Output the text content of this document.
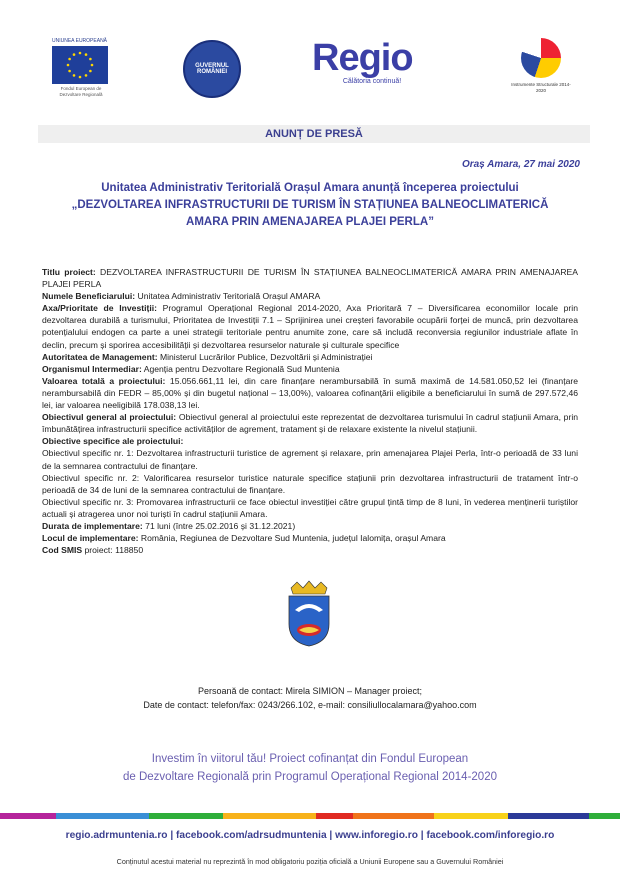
UNIUNEA EUROPEANĂ
Fondul European de Dezvoltare Regională
GUVERNUL ROMÂNIEI	Regio
Călătoria continuă!	Instrumente Structurale 2014-2020
ANUNȚ DE PRESĂ
Oraș Amara, 27 mai 2020
Unitatea Administrativ Teritorială Orașul Amara anunță începerea proiectului
„DEZVOLTAREA INFRASTRUCTURII DE TURISM ÎN STAȚIUNEA BALNEOCLIMATERICĂ
AMARA PRIN AMENAJAREA PLAJEI PERLA”
Titlu proiect: DEZVOLTAREA INFRASTRUCTURII DE TURISM ÎN STAȚIUNEA BALNEOCLIMATERICĂ AMARA PRIN AMENAJAREA PLAJEI PERLA
Numele Beneficiarului: Unitatea Administrativ Teritorială Orașul AMARA
Axa/Prioritate de Investiții: Programul Operațional Regional 2014-2020, Axa Prioritară 7 – Diversificarea economiilor locale prin dezvoltarea durabilă a turismului, Prioritatea de Investiții 7.1 – Sprijinirea unei creșteri favorabile ocupării forței de muncă, prin dezvoltarea potențialului endogen ca parte a unei strategii teritoriale pentru anumite zone, care să includă reconversia regiunilor industriale aflate în declin, precum și sporirea accesibilității și dezvoltarea resurselor naturale și culturale specifice
Autoritatea de Management: Ministerul Lucrărilor Publice, Dezvoltării și Administrației
Organismul Intermediar: Agenția pentru Dezvoltare Regională Sud Muntenia
Valoarea totală a proiectului: 15.056.661,11 lei, din care finanțare nerambursabilă în sumă maximă de 14.581.050,52 lei (finanțare nerambursabilă din FEDR – 85,00% și din bugetul național – 13,00%), valoarea cofinanțării eligibile a beneficiarului în sumă de 297.572,46 lei, iar valoarea neeligibilă 178.038,13 lei.
Obiectivul general al proiectului: Obiectivul general al proiectului este reprezentat de dezvoltarea turismului în cadrul stațiunii Amara, prin îmbunătățirea infrastructurii specifice activităților de agrement, tratament și de relaxare existente la nivelul stațiunii.
Obiective specifice ale proiectului:
Obiectivul specific nr. 1: Dezvoltarea infrastructurii turistice de agrement și relaxare, prin amenajarea Plajei Perla, într-o perioadă de 33 luni de la semnarea contractului de finanțare.
Obiectivul specific nr. 2: Valorificarea resurselor turistice naturale specifice stațiunii prin dezvoltarea infrastructurii de tratament într-o perioadă de 34 de luni de la semnarea contractului de finanțare.
Obiectivul specific nr. 3: Promovarea infrastructurii ce face obiectul investiției către grupul țintă timp de 8 luni, în vederea menținerii turiștilor actuali și atragerea unor noi turiști în cadrul stațiunii Amara.
Durata de implementare: 71 luni (între 25.02.2016 și 31.12.2021)
Locul de implementare: România, Regiunea de Dezvoltare Sud Muntenia, județul Ialomița, orașul Amara
Cod SMIS proiect: 118850
Persoană de contact: Mirela SIMION – Manager proiect;
Date de contact: telefon/fax: 0243/266.102, e-mail: consiliullocalamara@yahoo.com
Investim în viitorul tău! Proiect cofinanțat din Fondul European
de Dezvoltare Regională prin Programul Operațional Regional 2014-2020
regio.adrmuntenia.ro | facebook.com/adrsudmuntenia | www.inforegio.ro | facebook.com/inforegio.ro
Conținutul acestui material nu reprezintă în mod obligatoriu poziția oficială a Uniunii Europene sau a Guvernului României
